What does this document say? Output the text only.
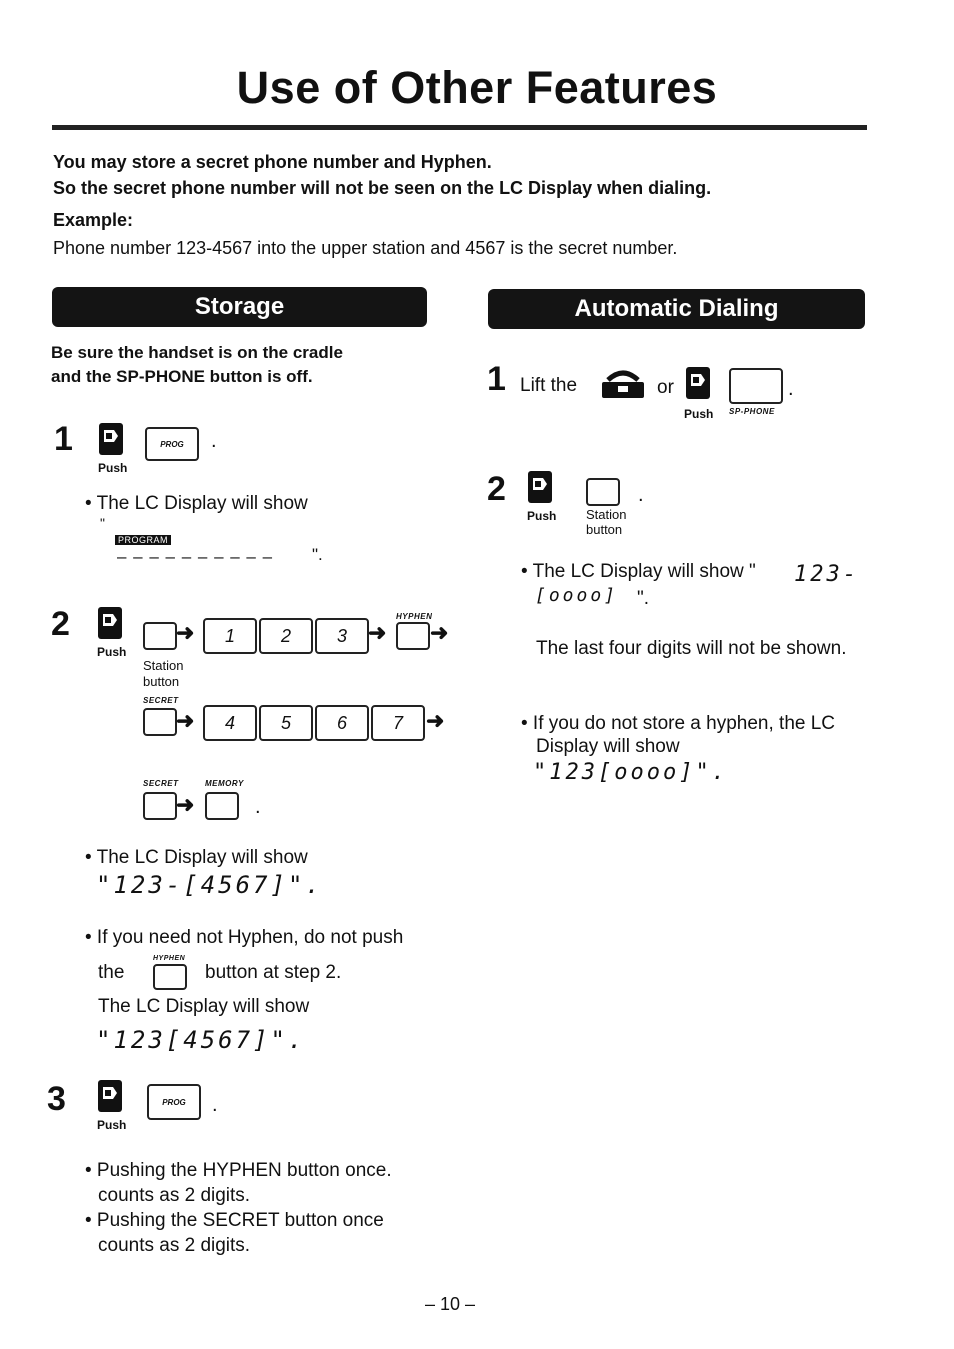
Use of Other Features
You may store a secret phone number and Hyphen.
So the secret phone number will not be seen on the LC Display when dialing.
Example:
Phone number 123-4567 into the upper station and 4567 is the secret number.
Storage	Automatic Dialing
Be sure the handset is on the cradle
and the SP-PHONE button is off.
1
Push
PROG	.
• The LC Display will show
"
PROGRAM
– – – – – – – – – – ".
2
Push
➜	1	2	3 ➜
HYPHEN
➜
Station
button
SECRET
➜	4	5	6	7	➜
SECRET	MEMORY
➜	.
• The LC Display will show
"123-[4567]".
• If you need not Hyphen, do not push
the
HYPHEN
button at step 2.
The LC Display will show
"123[4567]".
3
Push
PROG	.
• Pushing the HYPHEN button once.
counts as 2 digits.
• Pushing the SECRET button once
counts as 2 digits.
1 Lift the	or
Push
.
SP-PHONE
2
Push
.
Station
button
• The LC Display will show " 123-
[oooo] ".
The last four digits will not be shown.
• If you do not store a hyphen, the LC
Display will show
"123[oooo]".
– 10 –
